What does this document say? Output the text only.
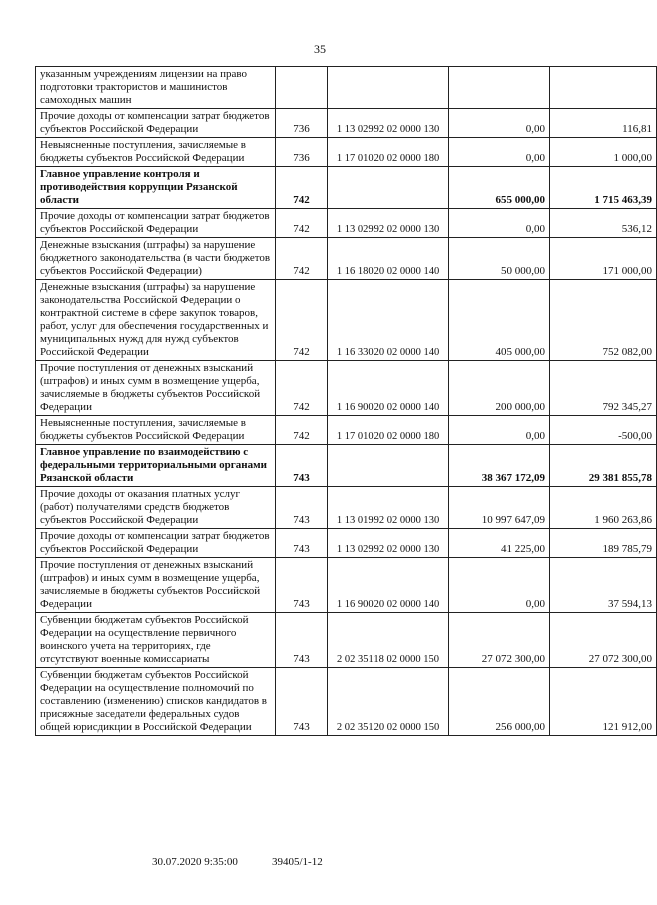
35
указанным учреждениям лицензии на право подготовки трактористов и машинистов самоходных машин				
Прочие доходы от компенсации затрат бюджетов субъектов Российской Федерации	736	1 13 02992 02 0000 130	0,00	116,81
Невыясненные поступления, зачисляемые в бюджеты субъектов Российской Федерации	736	1 17 01020 02 0000 180	0,00	1 000,00
Главное управление контроля и противодействия коррупции Рязанской области	742		655 000,00	1 715 463,39
Прочие доходы от компенсации затрат бюджетов субъектов Российской Федерации	742	1 13 02992 02 0000 130	0,00	536,12
Денежные взыскания (штрафы) за нарушение бюджетного законодательства (в части бюджетов субъектов Российской Федерации)	742	1 16 18020 02 0000 140	50 000,00	171 000,00
Денежные взыскания (штрафы) за нарушение законодательства Российской Федерации о контрактной системе в сфере закупок товаров, работ, услуг для обеспечения государственных и муниципальных нужд для нужд субъектов Российской Федерации	742	1 16 33020 02 0000 140	405 000,00	752 082,00
Прочие поступления от денежных взысканий (штрафов) и иных сумм в возмещение ущерба, зачисляемые в бюджеты субъектов Российской Федерации	742	1 16 90020 02 0000 140	200 000,00	792 345,27
Невыясненные поступления, зачисляемые в бюджеты субъектов Российской Федерации	742	1 17 01020 02 0000 180	0,00	-500,00
Главное управление по взаимодействию с федеральными территориальными органами Рязанской области	743		38 367 172,09	29 381 855,78
Прочие доходы от оказания платных услуг (работ) получателями средств бюджетов субъектов Российской Федерации	743	1 13 01992 02 0000 130	10 997 647,09	1 960 263,86
Прочие доходы от компенсации затрат бюджетов субъектов Российской Федерации	743	1 13 02992 02 0000 130	41 225,00	189 785,79
Прочие поступления от денежных взысканий (штрафов) и иных сумм в возмещение ущерба, зачисляемые в бюджеты субъектов Российской Федерации	743	1 16 90020 02 0000 140	0,00	37 594,13
Субвенции бюджетам субъектов Российской Федерации на осуществление первичного воинского учета на территориях, где отсутствуют военные комиссариаты	743	2 02 35118 02 0000 150	27 072 300,00	27 072 300,00
Субвенции бюджетам субъектов Российской Федерации на осуществление полномочий по составлению (изменению) списков кандидатов в присяжные заседатели федеральных судов общей юрисдикции в Российской Федерации	743	2 02 35120 02 0000 150	256 000,00	121 912,00
30.07.2020 9:35:00	39405/1-12
